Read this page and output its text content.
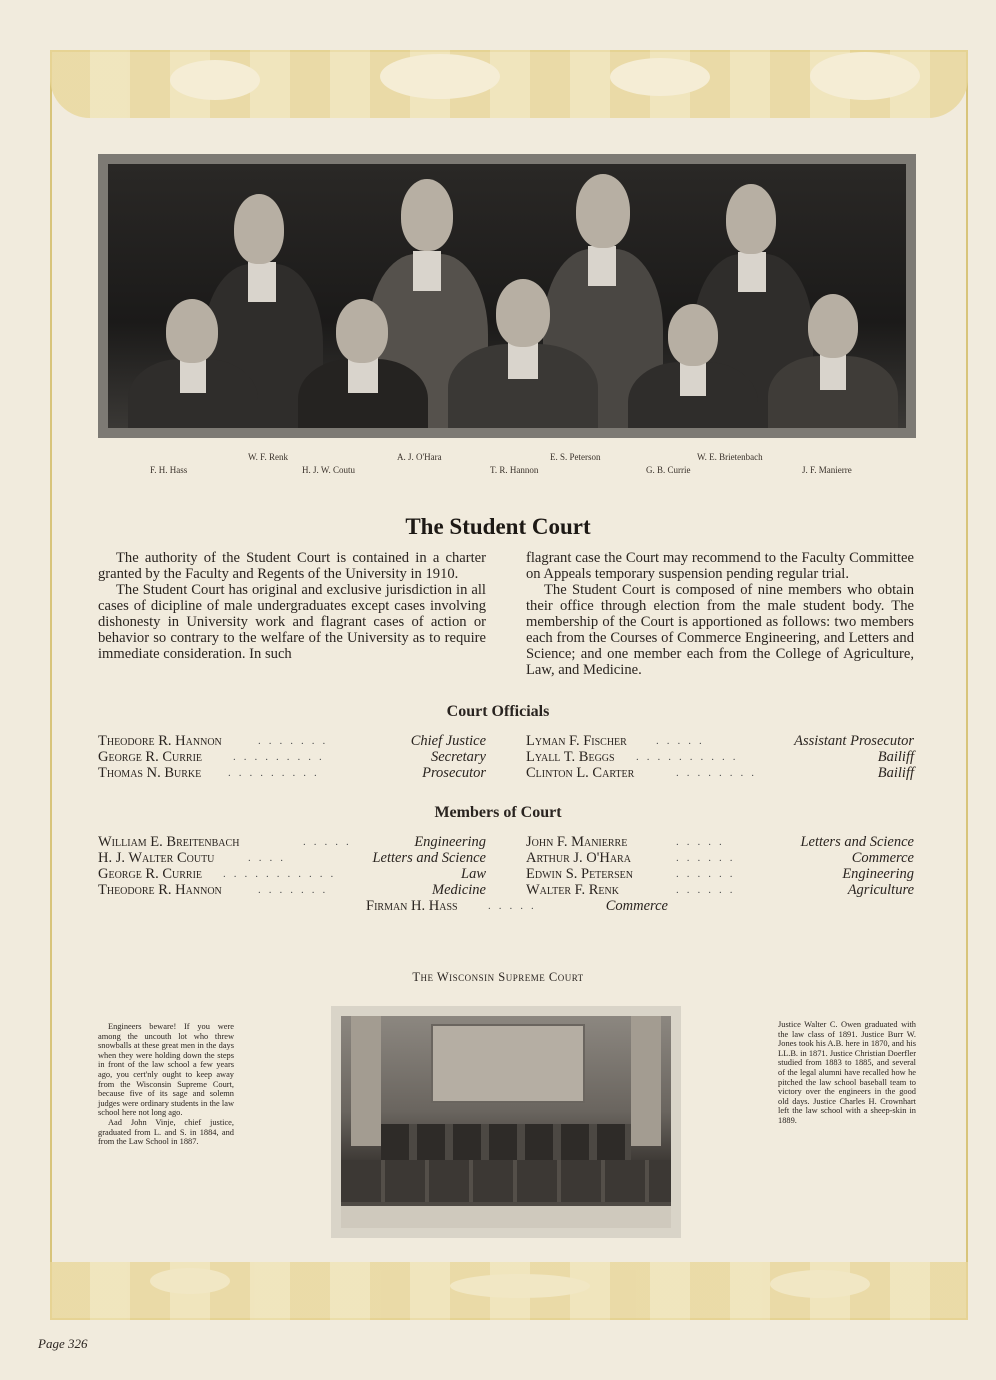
W. F. Renk	A. J. O'Hara	E. S. Peterson	W. E. Brietenbach
F. H. Hass	H. J. W. Coutu	T. R. Hannon	G. B. Currie	J. F. Manierre
The Student Court

The authority of the Student Court is contained in a charter granted by the Faculty and Regents of the University in 1910.

The Student Court has original and exclusive jurisdiction in all cases of dicipline of male undergraduates except cases involving dishonesty in University work and flagrant cases of action or behavior so contrary to the welfare of the University as to require immediate consideration. In such

flagrant case the Court may recommend to the Faculty Committee on Appeals temporary suspension pending regular trial.

The Student Court is composed of nine members who obtain their office through election from the male student body. The membership of the Court is apportioned as follows: two members each from the Courses of Commerce Engineering, and Letters and Science; and one member each from the College of Agriculture, Law, and Medicine.

Court Officials
Theodore R. Hannon	.......	Chief Justice
George R. Currie	.........	Secretary
Thomas N. Burke .........	Prosecutor
Lyman F. Fischer	.....	Assistant Prosecutor
Lyall T. Beggs ..........	Bailiff
Clinton L. Carter	........	Bailiff
Members of Court
William E. Breitenbach	.....	Engineering
H. J. Walter Coutu	....	Letters and Science
George R. Currie ...........	Law
Theodore R. Hannon	.......	Medicine
John F. Manierre	.....	Letters and Science
Arthur J. O'Hara	......	Commerce
Edwin S. Petersen	......	Engineering
Walter F. Renk	......	Agriculture
Firman H. Hass	.....	Commerce
The Wisconsin Supreme Court

Engineers beware! If you were among the uncouth lot who threw snowballs at these great men in the days when they were holding down the steps in front of the law school a few years ago, you cert'nly ought to keep away from the Wisconsin Supreme Court, because five of its sage and solemn judges were ordinary students in the law school here not long ago.

Aad John Vinje, chief justice, graduated from L. and S. in 1884, and from the Law School in 1887.

Justice Walter C. Owen graduated with the law class of 1891. Justice Burr W. Jones took his A.B. here in 1870, and his LL.B. in 1871. Justice Christian Doerfler studied from 1883 to 1885, and several of the legal alumni have recalled how he pitched the law school baseball team to victory over the engineers in the good old days. Justice Charles H. Crownhart left the law school with a sheep-skin in 1889.

Page 326
